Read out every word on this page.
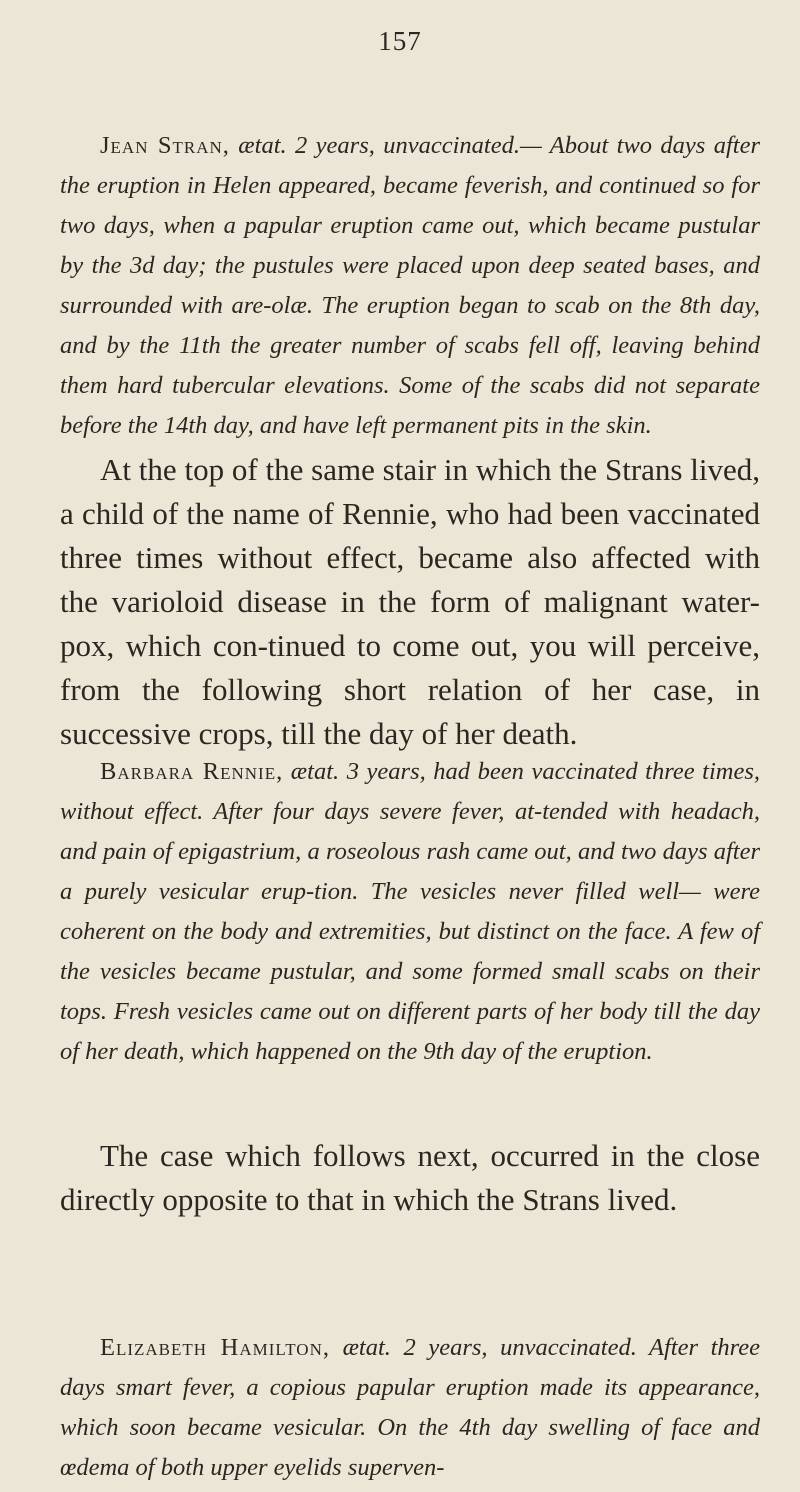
157

Jean Stran, ætat. 2 years, unvaccinated.— About two days after the eruption in Helen appeared, became feverish, and continued so for two days, when a papular eruption came out, which became pustular by the 3d day; the pustules were placed upon deep seated bases, and surrounded with are-olæ. The eruption began to scab on the 8th day, and by the 11th the greater number of scabs fell off, leaving behind them hard tubercular elevations. Some of the scabs did not separate before the 14th day, and have left permanent pits in the skin.

At the top of the same stair in which the Strans lived, a child of the name of Rennie, who had been vaccinated three times without effect, became also affected with the varioloid disease in the form of malignant water-pox, which con-tinued to come out, you will perceive, from the following short relation of her case, in successive crops, till the day of her death.

Barbara Rennie, ætat. 3 years, had been vaccinated three times, without effect. After four days severe fever, at-tended with headach, and pain of epigastrium, a roseolous rash came out, and two days after a purely vesicular erup-tion. The vesicles never filled well— were coherent on the body and extremities, but distinct on the face. A few of the vesicles became pustular, and some formed small scabs on their tops. Fresh vesicles came out on different parts of her body till the day of her death, which happened on the 9th day of the eruption.

The case which follows next, occurred in the close directly opposite to that in which the Strans lived.

Elizabeth Hamilton, ætat. 2 years, unvaccinated. After three days smart fever, a copious papular eruption made its appearance, which soon became vesicular. On the 4th day swelling of face and œdema of both upper eyelids superven-
